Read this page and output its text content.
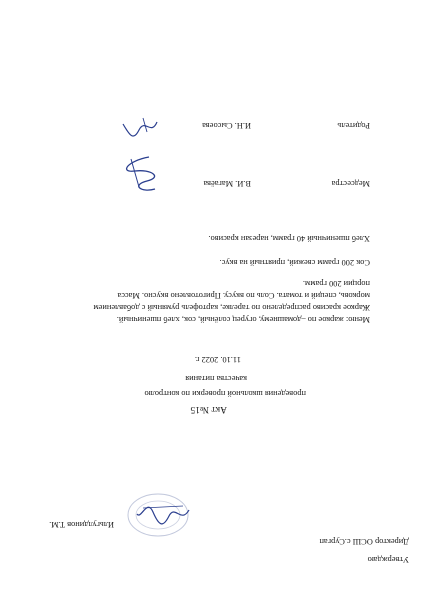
Утверждаю
Директор ОСШ с.Сургап
Ильгулдинов Т.М.
Акт №15
проведения школьной проверки по контролю
качества питания
11.10. 2022 г.
Меню: жаркое по –домашнему, огурец солёный, сок, хлеб пшеничный.
Жаркое красиво распределено по тарелке, картофель румяный с добавлением
морковь, специй и томата. Соль по вкусу. Приготовлено вкусно. Масса
порции 200 грамм.
Сок 200 грамм свежий, приятный на вкус.
Хлеб пшеничный 40 грамм, нарезан красиво.
Медсестра
В.И. Магаёва
Родитель
И.Н. Сысоева
